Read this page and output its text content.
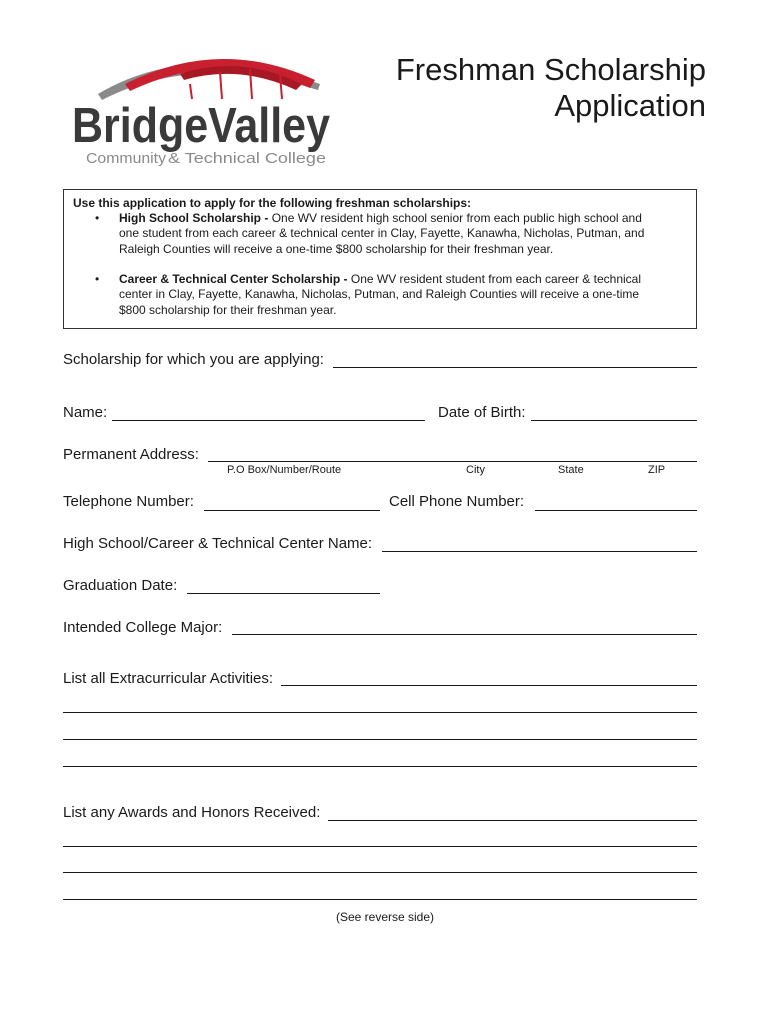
BridgeValley
Community & Technical College
Freshman Scholarship
Application
Use this application to apply for the following freshman scholarships:
• High School Scholarship - One WV resident high school senior from each public high school and
one student from each career & technical center in Clay, Fayette, Kanawha, Nicholas, Putman, and
Raleigh Counties will receive a one-time $800 scholarship for their freshman year.
• Career & Technical Center Scholarship - One WV resident student from each career & technical
center in Clay, Fayette, Kanawha, Nicholas, Putman, and Raleigh Counties will receive a one-time
$800 scholarship for their freshman year.
Scholarship for which you are applying:
Name:	Date of Birth:
Permanent Address:
P.O Box/Number/Route	City	State	ZIP
Telephone Number:	Cell Phone Number:
High School/Career & Technical Center Name:
Graduation Date:
Intended College Major:
List all Extracurricular Activities:
List any Awards and Honors Received:
(See reverse side)
